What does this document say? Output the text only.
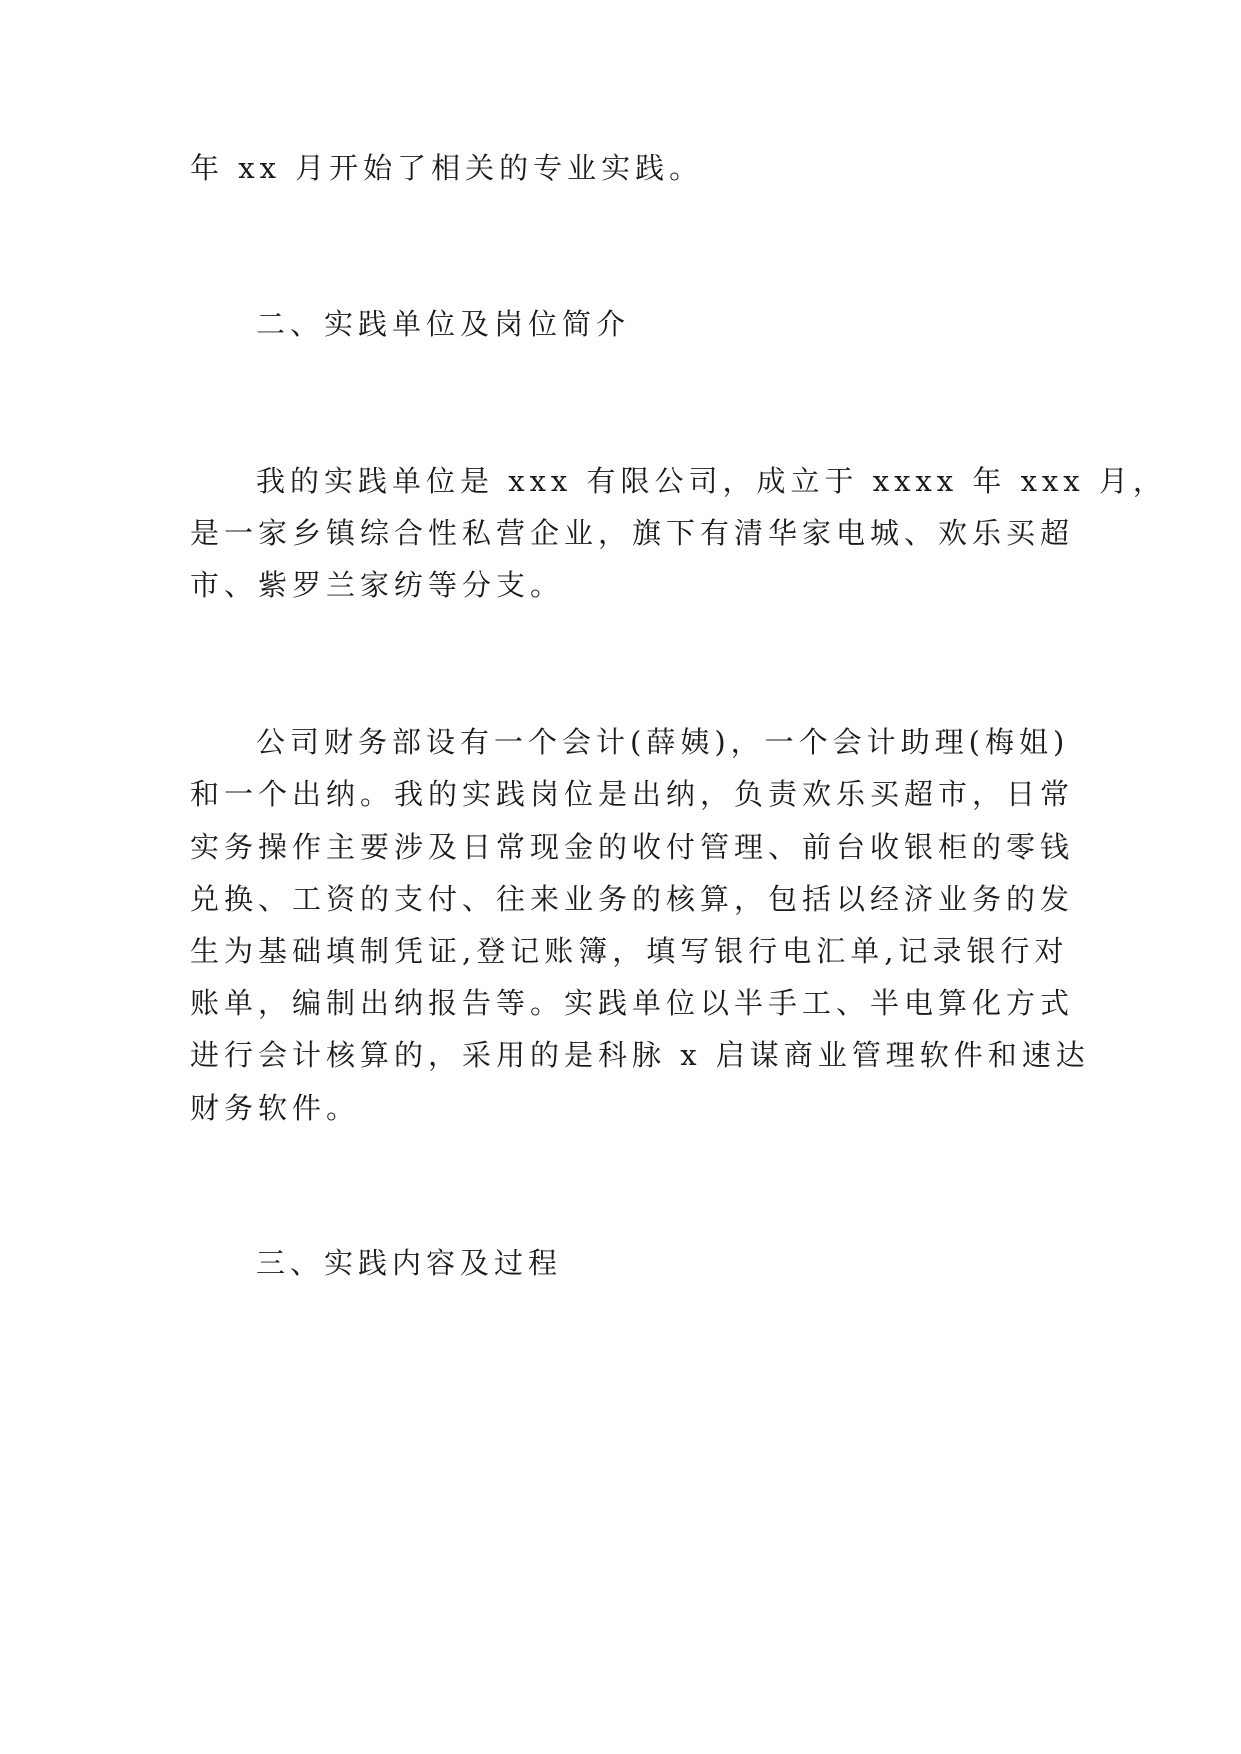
年 xx 月开始了相关的专业实践。
二、实践单位及岗位简介
我的实践单位是 xxx 有限公司，成立于 xxxx 年 xxx 月，
是一家乡镇综合性私营企业，旗下有清华家电城、欢乐买超
市、紫罗兰家纺等分支。
公司财务部设有一个会计(薛姨)，一个会计助理(梅姐)
和一个出纳。我的实践岗位是出纳，负责欢乐买超市，日常
实务操作主要涉及日常现金的收付管理、前台收银柜的零钱
兑换、工资的支付、往来业务的核算，包括以经济业务的发
生为基础填制凭证,登记账簿，填写银行电汇单,记录银行对
账单，编制出纳报告等。实践单位以半手工、半电算化方式
进行会计核算的，采用的是科脉 x 启谋商业管理软件和速达
财务软件。
三、实践内容及过程
